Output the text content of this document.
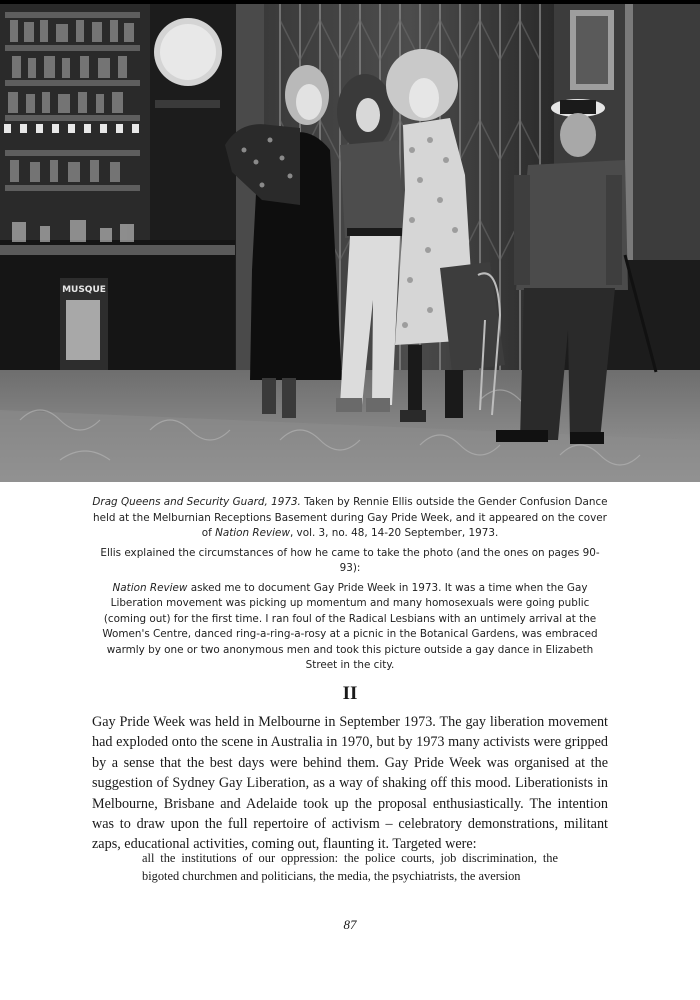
MUSQUE

Drag Queens and Security Guard, 1973. Taken by Rennie Ellis outside the Gender Confusion Dance held at the Melburnian Receptions Basement during Gay Pride Week, and it appeared on the cover of Nation Review, vol. 3, no. 48, 14-20 September, 1973.

Ellis explained the circumstances of how he came to take the photo (and the ones on pages 90-93):

Nation Review asked me to document Gay Pride Week in 1973. It was a time when the Gay Liberation movement was picking up momentum and many homosexuals were going public (coming out) for the first time. I ran foul of the Radical Lesbians with an untimely arrival at the Women's Centre, danced ring-a-ring-a-rosy at a picnic in the Botanical Gardens, was embraced warmly by one or two anonymous men and took this picture outside a gay dance in Elizabeth Street in the city.

II
Gay Pride Week was held in Melbourne in September 1973. The gay liberation movement had exploded onto the scene in Australia in 1970, but by 1973 many activists were gripped by a sense that the best days were behind them. Gay Pride Week was organised at the suggestion of Sydney Gay Liberation, as a way of shaking off this mood. Liberationists in Melbourne, Brisbane and Adelaide took up the proposal enthusiastically. The intention was to draw upon the full repertoire of activism – celebratory demonstrations, militant zaps, educational activities, coming out, flaunting it. Targeted were:
all the institutions of our oppression: the police courts, job discrimination, the bigoted churchmen and politicians, the media, the psychiatrists, the aversion
87
